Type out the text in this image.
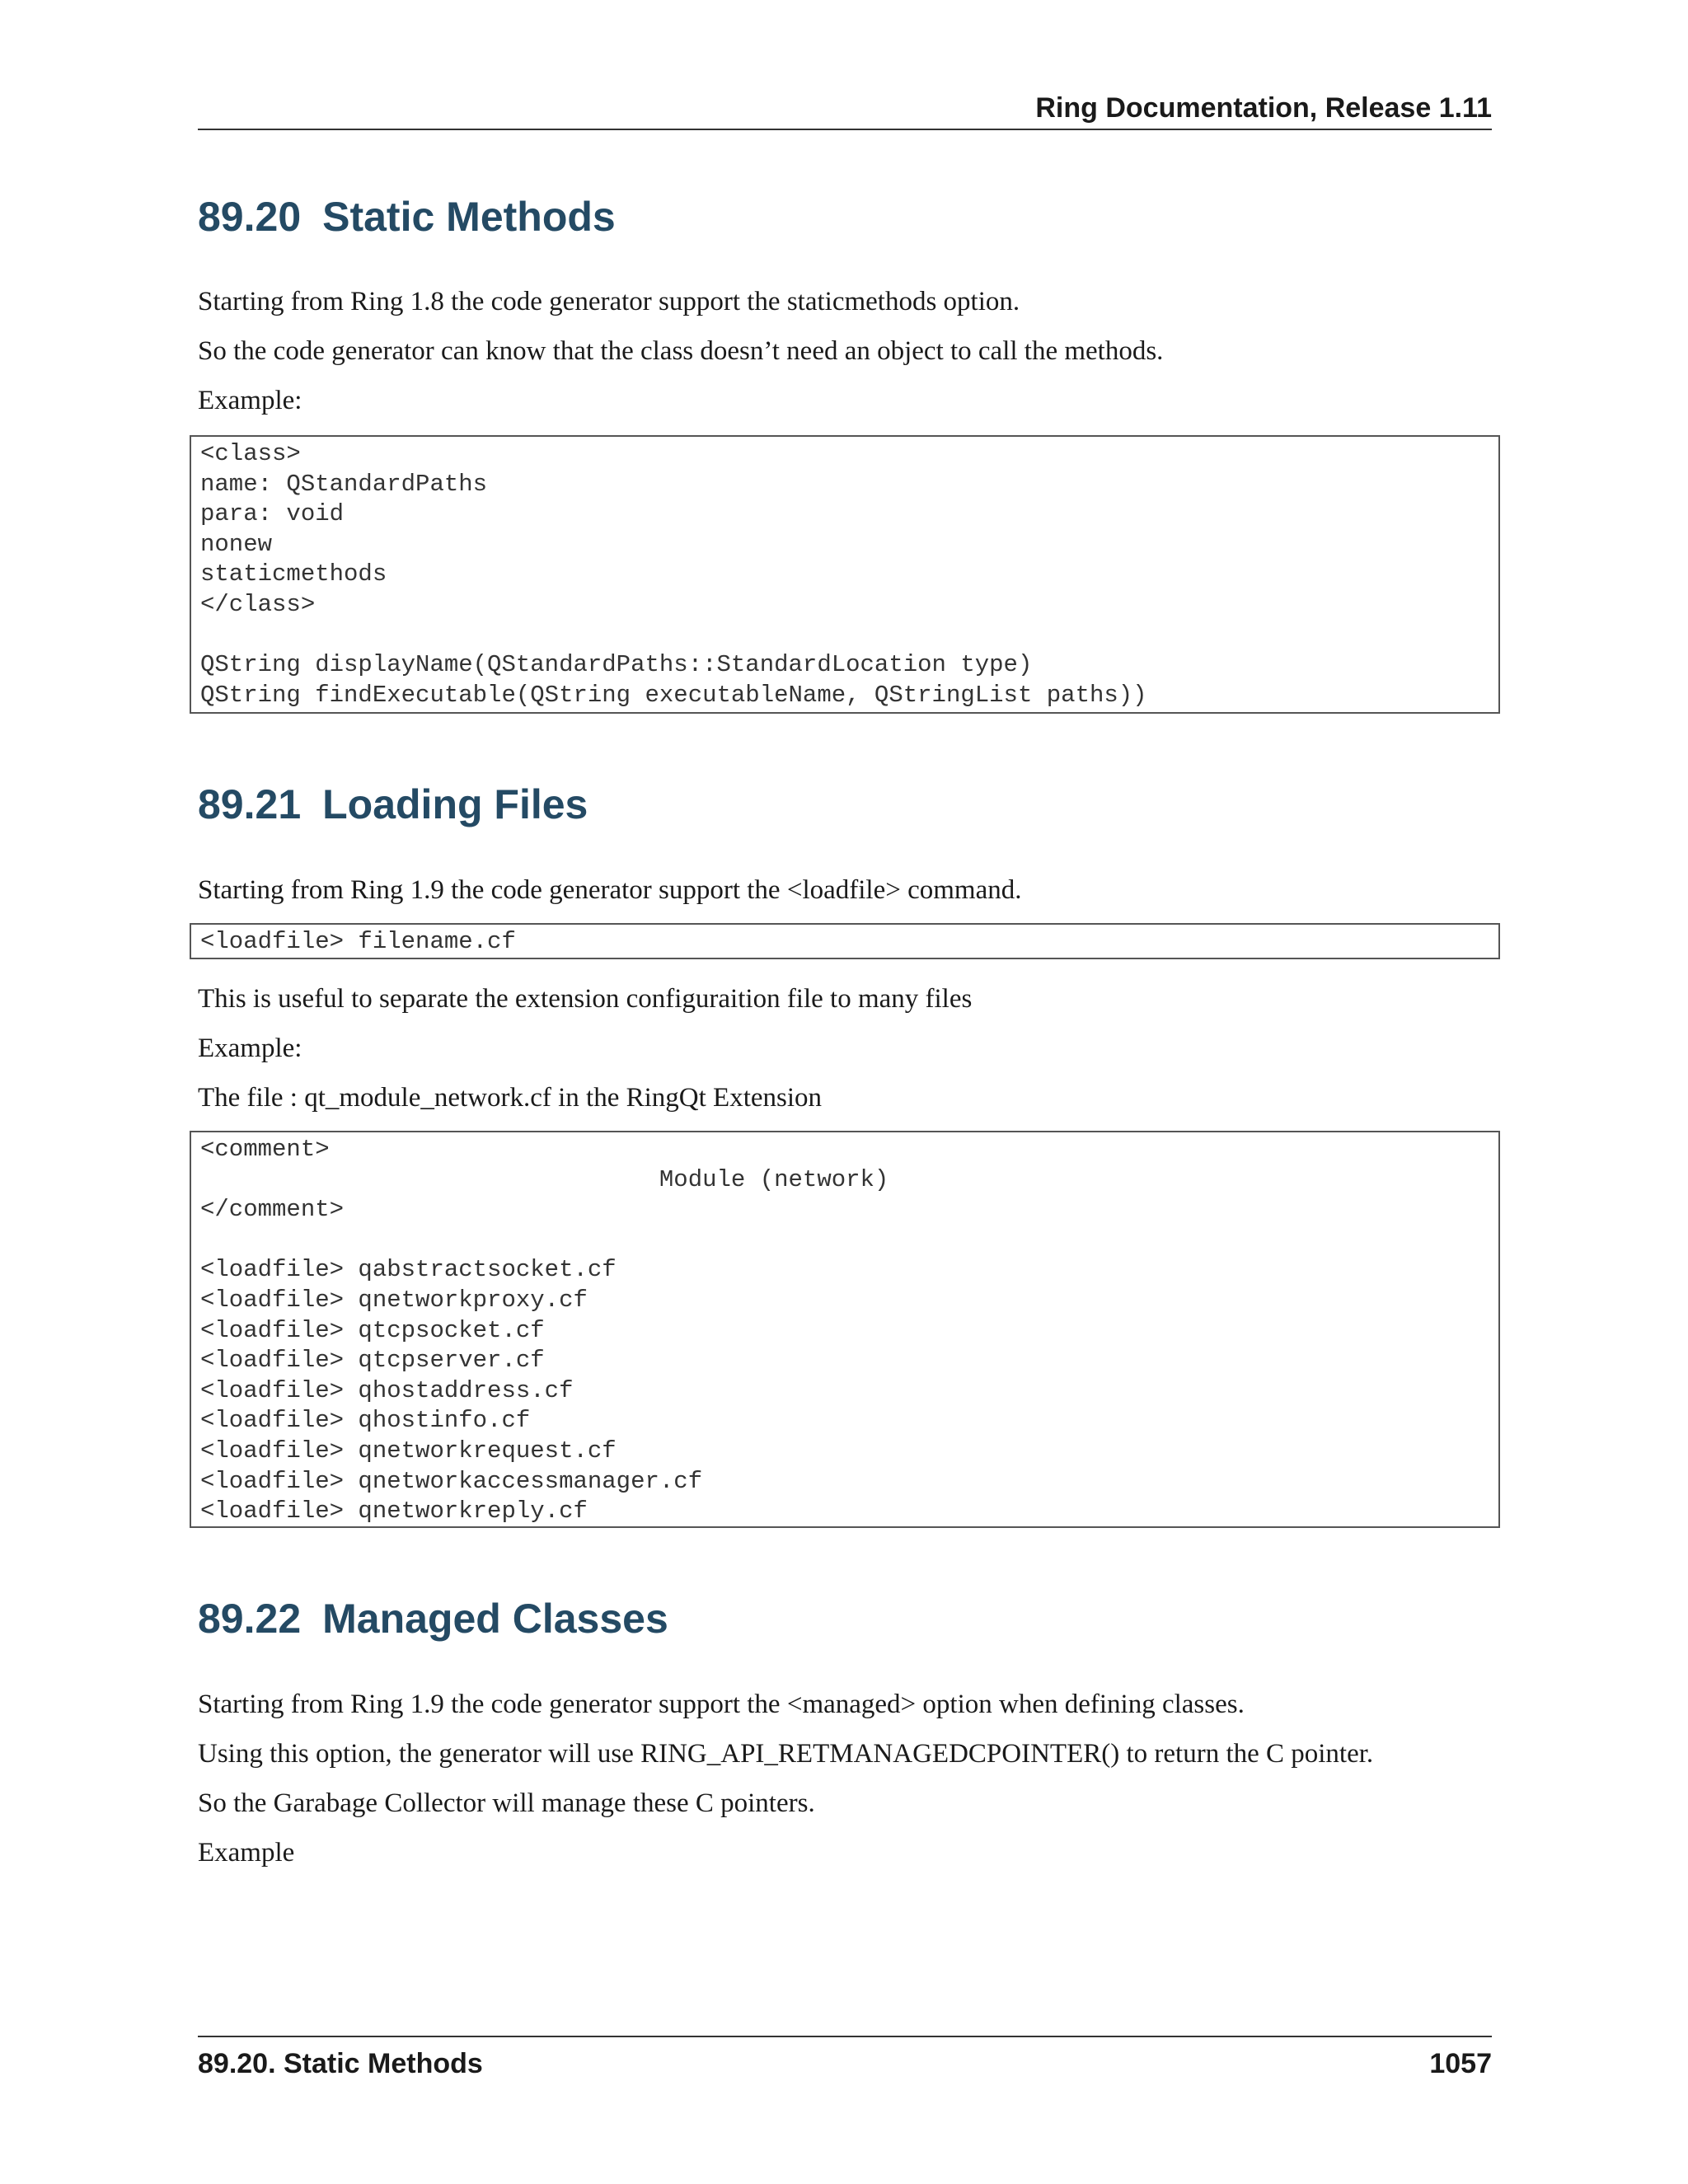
Ring Documentation, Release 1.11
89.20 Static Methods

Starting from Ring 1.8 the code generator support the staticmethods option.

So the code generator can know that the class doesn’t need an object to call the methods.

Example:

<class>
name: QStandardPaths
para: void
nonew
staticmethods
</class>

QString displayName(QStandardPaths::StandardLocation type)
QString findExecutable(QString executableName, QStringList paths))
89.21 Loading Files

Starting from Ring 1.9 the code generator support the <loadfile> command.

<loadfile> filename.cf

This is useful to separate the extension configuraition file to many files

Example:

The file : qt_module_network.cf in the RingQt Extension

<comment>
Module (network)
</comment>

<loadfile> qabstractsocket.cf
<loadfile> qnetworkproxy.cf
<loadfile> qtcpsocket.cf
<loadfile> qtcpserver.cf
<loadfile> qhostaddress.cf
<loadfile> qhostinfo.cf
<loadfile> qnetworkrequest.cf
<loadfile> qnetworkaccessmanager.cf
<loadfile> qnetworkreply.cf
89.22 Managed Classes

Starting from Ring 1.9 the code generator support the <managed> option when defining classes.

Using this option, the generator will use RING_API_RETMANAGEDCPOINTER() to return the C pointer.

So the Garabage Collector will manage these C pointers.

Example

89.20. Static Methods	1057
